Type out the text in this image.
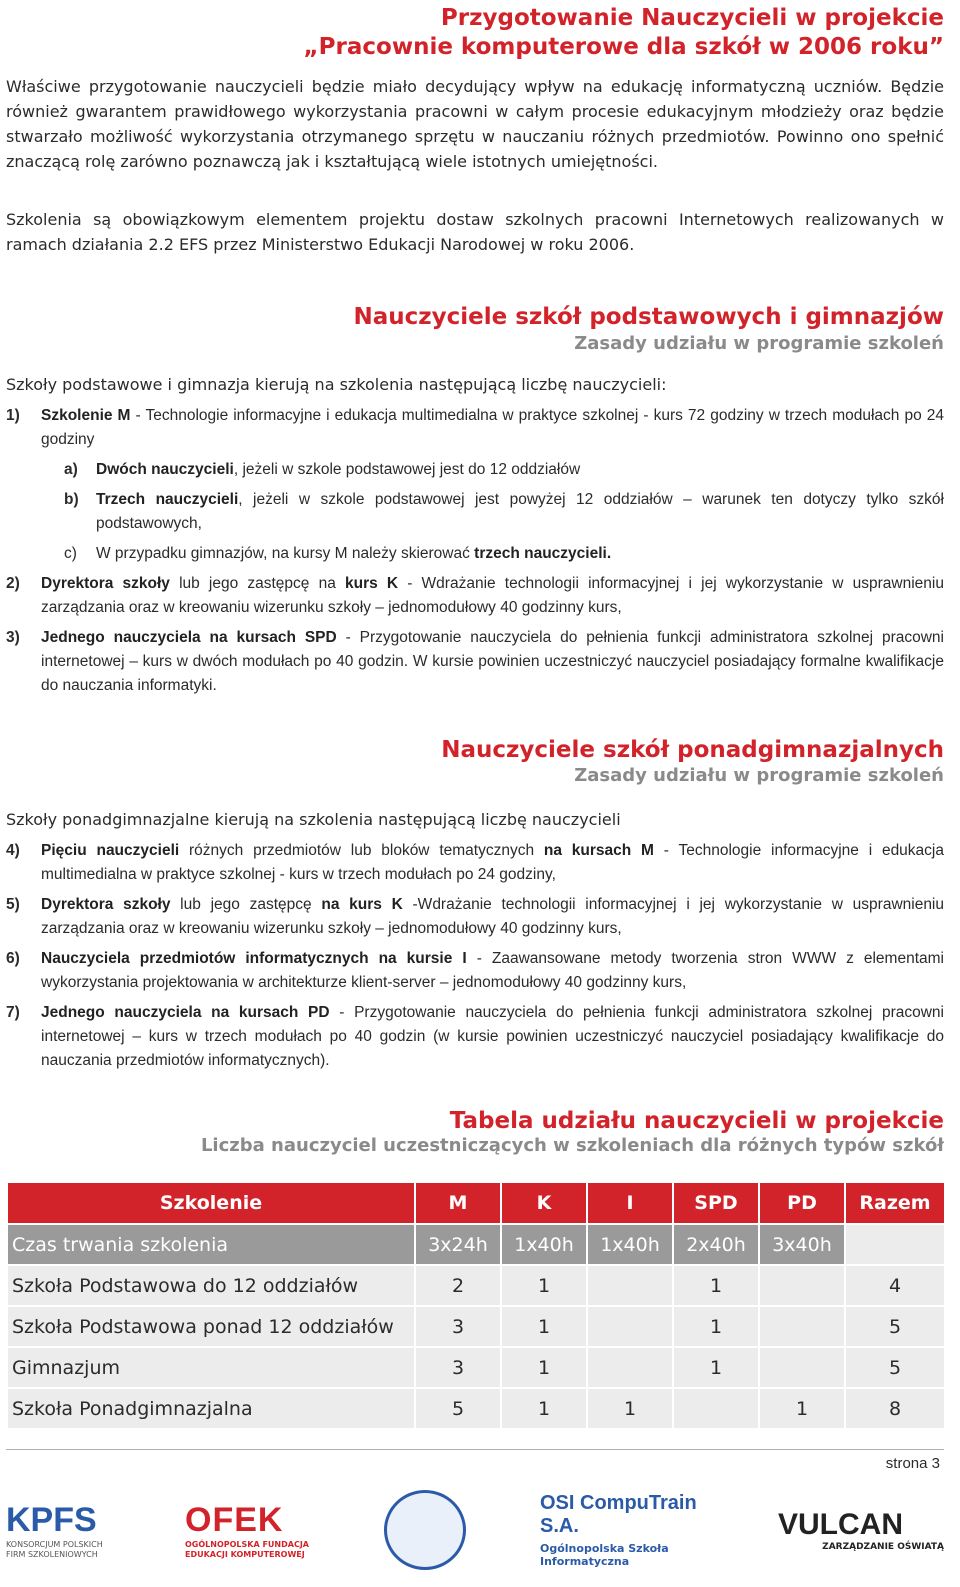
Przygotowanie Nauczycieli w projekcie
„Pracownie komputerowe dla szkół w 2006 roku”
Właściwe przygotowanie nauczycieli będzie miało decydujący wpływ na edukację informatyczną uczniów. Będzie również gwarantem prawidłowego wykorzystania pracowni w całym procesie edukacyjnym młodzieży oraz będzie stwarzało możliwość wykorzystania otrzymanego sprzętu w nauczaniu różnych przedmiotów. Powinno ono spełnić znaczącą rolę zarówno poznawczą jak i kształtującą wiele istotnych umiejętności.
Szkolenia są obowiązkowym elementem projektu dostaw szkolnych pracowni Internetowych realizowanych w ramach działania 2.2 EFS przez Ministerstwo Edukacji Narodowej w roku 2006.
Nauczyciele szkół podstawowych i gimnazjów
Zasady udziału w programie szkoleń
Szkoły podstawowe i gimnazja kierują na szkolenia następującą liczbę nauczycieli:
1) Szkolenie M - Technologie informacyjne i edukacja multimedialna w praktyce szkolnej - kurs 72 godziny w trzech modułach po 24 godziny
a) Dwóch nauczycieli, jeżeli w szkole podstawowej jest do 12 oddziałów
b) Trzech nauczycieli, jeżeli w szkole podstawowej jest powyżej 12 oddziałów – warunek ten dotyczy tylko szkół podstawowych,
c) W przypadku gimnazjów, na kursy M należy skierować trzech nauczycieli.
2) Dyrektora szkoły lub jego zastępcę na kurs K - Wdrażanie technologii informacyjnej i jej wykorzystanie w usprawnieniu zarządzania oraz w kreowaniu wizerunku szkoły – jednomodułowy 40 godzinny kurs,
3) Jednego nauczyciela na kursach SPD - Przygotowanie nauczyciela do pełnienia funkcji administratora szkolnej pracowni internetowej – kurs w dwóch modułach po 40 godzin. W kursie powinien uczestniczyć nauczyciel posiadający formalne kwalifikacje do nauczania informatyki.
Nauczyciele szkół ponadgimnazjalnych
Zasady udziału w programie szkoleń
Szkoły ponadgimnazjalne kierują na szkolenia następującą liczbę nauczycieli
4) Pięciu nauczycieli różnych przedmiotów lub bloków tematycznych na kursach M - Technologie informacyjne i edukacja multimedialna w praktyce szkolnej - kurs w trzech modułach po 24 godziny,
5) Dyrektora szkoły lub jego zastępcę na kurs K -Wdrażanie technologii informacyjnej i jej wykorzystanie w usprawnieniu zarządzania oraz w kreowaniu wizerunku szkoły – jednomodułowy 40 godzinny kurs,
6) Nauczyciela przedmiotów informatycznych na kursie I - Zaawansowane metody tworzenia stron WWW z elementami wykorzystania projektowania w architekturze klient-server – jednomodułowy 40 godzinny kurs,
7) Jednego nauczyciela na kursach PD - Przygotowanie nauczyciela do pełnienia funkcji administratora szkolnej pracowni internetowej – kurs w trzech modułach po 40 godzin (w kursie powinien uczestniczyć nauczyciel posiadający kwalifikacje do nauczania przedmiotów informatycznych).
Tabela udziału nauczycieli w projekcie
Liczba nauczyciel uczestniczących w szkoleniach dla różnych typów szkół
Szkolenie	M	K	I	SPD	PD	Razem
Czas trwania szkolenia	3x24h	1x40h	1x40h	2x40h	3x40h	
Szkoła Podstawowa do 12 oddziałów	2	1		1		4
Szkoła Podstawowa ponad 12 oddziałów	3	1		1		5
Gimnazjum	3	1		1		5
Szkoła Ponadgimnazjalna	5	1	1		1	8
strona 3
KPFS
KONSORCJUM POLSKICH FIRM SZKOLENIOWYCH
OFEK
OGÓLNOPOLSKA FUNDACJA EDUKACJI KOMPUTEROWEJ
OSI CompuTrain S.A.
Ogólnopolska Szkoła Informatyczna
VULCAN
ZARZĄDZANIE OŚWIATĄ
